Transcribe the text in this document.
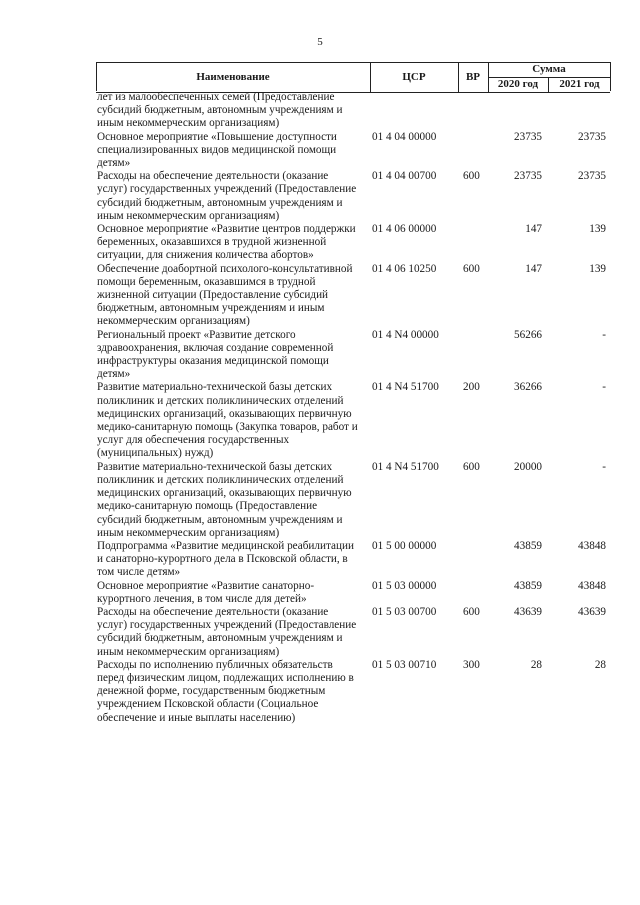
5
Наименование	ЦСР	ВР
Сумма
2020 год	2021 год
лет из малообеспеченных семей (Предоставление субсидий бюджетным, автономным учреждениям и иным некоммерческим организациям)
Основное мероприятие «Повышение доступности специализированных видов медицинской помощи детям»
01 4 04 00000	23735	23735
Расходы на обеспечение деятельности (оказание услуг) государственных учреждений (Предоставление субсидий бюджетным, автономным учреждениям и иным некоммерческим организациям)
01 4 04 00700 600	23735	23735
Основное мероприятие «Развитие центров поддержки беременных, оказавшихся в трудной жизненной ситуации, для снижения количества абортов»
01 4 06 00000	147	139
Обеспечение доабортной психолого-консультативной помощи беременным, оказавшимся в трудной жизненной ситуации (Предоставление субсидий бюджетным, автономным учреждениям и иным некоммерческим организациям)
01 4 06 10250 600	147	139
Региональный проект «Развитие детского здравоохранения, включая создание современной инфраструктуры оказания медицинской помощи детям»
01 4 N4 00000	56266	-
Развитие материально-технической базы детских поликлиник и детских поликлинических отделений медицинских организаций, оказывающих первичную медико-санитарную помощь (Закупка товаров, работ и услуг для обеспечения государственных (муниципальных) нужд)
01 4 N4 51700 200	36266	-
Развитие материально-технической базы детских поликлиник и детских поликлинических отделений медицинских организаций, оказывающих первичную медико-санитарную помощь (Предоставление субсидий бюджетным, автономным учреждениям и иным некоммерческим организациям)
01 4 N4 51700 600	20000	-
Подпрограмма «Развитие медицинской реабилитации и санаторно-курортного дела в Псковской области, в том числе детям»
01 5 00 00000	43859	43848
Основное мероприятие «Развитие санаторно-курортного лечения, в том числе для детей»
01 5 03 00000	43859	43848
Расходы на обеспечение деятельности (оказание услуг) государственных учреждений (Предоставление субсидий бюджетным, автономным учреждениям и иным некоммерческим организациям)
01 5 03 00700 600	43639	43639
Расходы по исполнению публичных обязательств перед физическим лицом, подлежащих исполнению в денежной форме, государственным бюджетным учреждением Псковской области (Социальное обеспечение и иные выплаты населению)
01 5 03 00710 300	28	28
